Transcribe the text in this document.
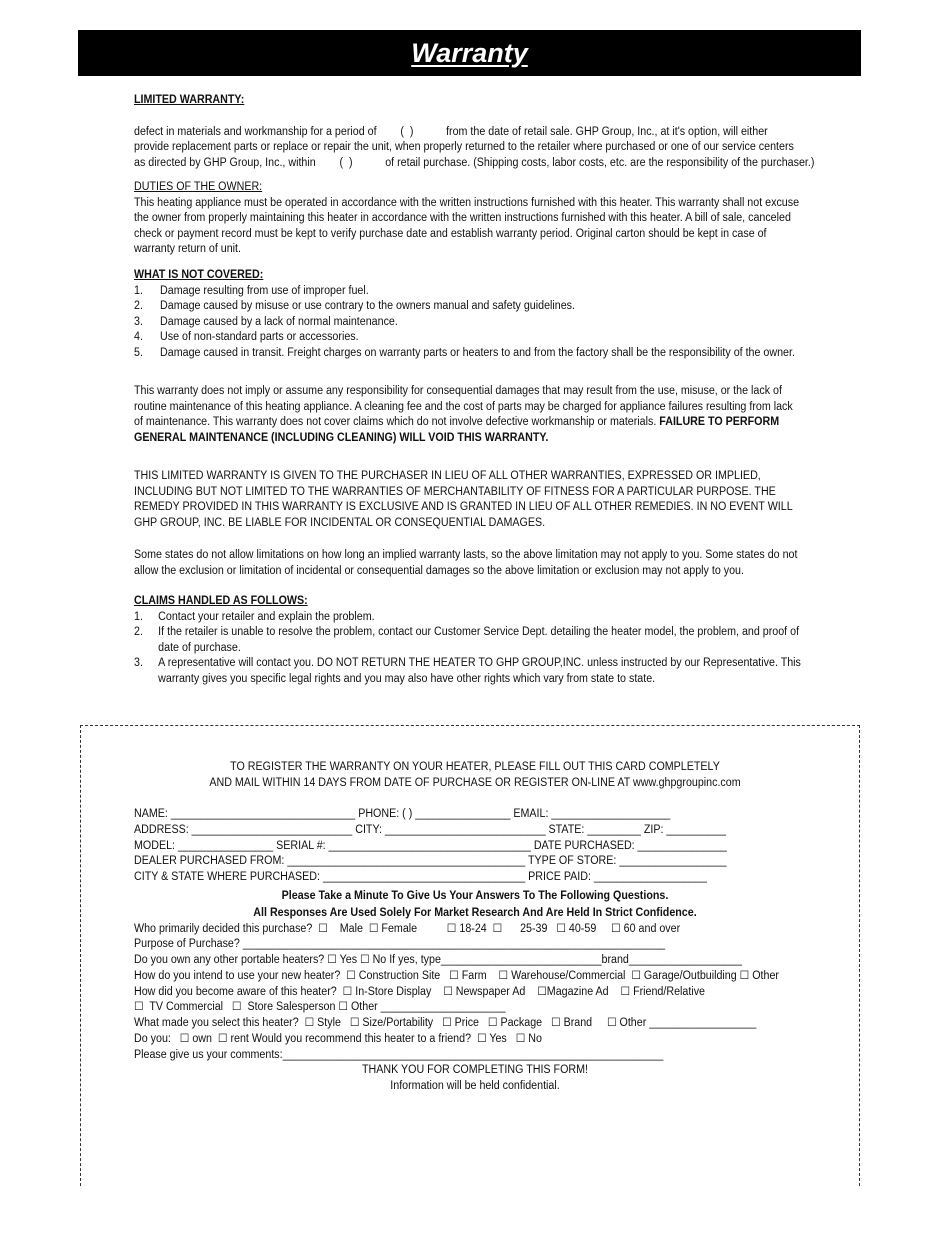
Warranty

LIMITED WARRANTY:

defect in materials and workmanship for a period of        (  )           from the date of retail sale. GHP Group, Inc., at it's option, will either

provide replacement parts or replace or repair the unit, when properly returned to the retailer where purchased or one of our service centers

as directed by GHP Group, Inc., within        (  )           of retail purchase. (Shipping costs, labor costs, etc. are the responsibility of the purchaser.)

DUTIES OF THE OWNER:

This heating appliance must be operated in accordance with the written instructions furnished with this heater. This warranty shall not excuse the owner from properly maintaining this heater in accordance with the written instructions furnished with this heater. A bill of sale, canceled check or payment record must be kept to verify purchase date and establish warranty period. Original carton should be kept in case of warranty return of unit.

WHAT IS NOT COVERED:

1.	Damage resulting from use of improper fuel.
2.	Damage caused by misuse or use contrary to the owners manual and safety guidelines.
3.	Damage caused by a lack of normal maintenance.
4.	Use of non-standard parts or accessories.
5.	Damage caused in transit. Freight charges on warranty parts or heaters to and from the factory shall be the responsibility of the owner.

This warranty does not imply or assume any responsibility for consequential damages that may result from the use, misuse, or the lack of routine maintenance of this heating appliance. A cleaning fee and the cost of parts may be charged for appliance failures resulting from lack of maintenance. This warranty does not cover claims which do not involve defective workmanship or materials. FAILURE TO PERFORM GENERAL MAINTENANCE (INCLUDING CLEANING) WILL VOID THIS WARRANTY.

THIS LIMITED WARRANTY IS GIVEN TO THE PURCHASER IN LIEU OF ALL OTHER WARRANTIES, EXPRESSED OR IMPLIED, INCLUDING BUT NOT LIMITED TO THE WARRANTIES OF MERCHANTABILITY OF FITNESS FOR A PARTICULAR PURPOSE. THE REMEDY PROVIDED IN THIS WARRANTY IS EXCLUSIVE AND IS GRANTED IN LIEU OF ALL OTHER REMEDIES. IN NO EVENT WILL GHP GROUP, INC. BE LIABLE FOR INCIDENTAL OR CONSEQUENTIAL DAMAGES.

Some states do not allow limitations on how long an implied warranty lasts, so the above limitation may not apply to you. Some states do not allow the exclusion or limitation of incidental or consequential damages so the above limitation or exclusion may not apply to you.

CLAIMS HANDLED AS FOLLOWS:

1.	Contact your retailer and explain the problem.
2.	If the retailer is unable to resolve the problem, contact our Customer Service Dept. detailing the heater model, the problem, and proof of date of purchase.
3.	A representative will contact you. DO NOT RETURN THE HEATER TO GHP GROUP,INC. unless instructed by our Representative. This warranty gives you specific legal rights and you may also have other rights which vary from state to state.
TO REGISTER THE WARRANTY ON YOUR HEATER, PLEASE FILL OUT THIS CARD COMPLETELY
AND MAIL WITHIN 14 DAYS FROM DATE OF PURCHASE OR REGISTER ON-LINE AT www.ghpgroupinc.com
NAME: _______________________________ PHONE: ( ) ________________ EMAIL: ____________________
ADDRESS: ___________________________ CITY: ___________________________ STATE: _________ ZIP: __________
MODEL: ________________ SERIAL #: __________________________________ DATE PURCHASED: _______________
DEALER PURCHASED FROM: ________________________________________ TYPE OF STORE: __________________
CITY & STATE WHERE PURCHASED: __________________________________ PRICE PAID: ___________________
Please Take a Minute To Give Us Your Answers To The Following Questions.
All Responses Are Used Solely For Market Research And Are Held In Strict Confidence.
Who primarily decided this purchase?  ☐    Male  ☐ Female          ☐ 18-24  ☐      25-39   ☐ 40-59     ☐ 60 and over
Purpose of Purchase? _______________________________________________________________________
Do you own any other portable heaters? ☐ Yes ☐ No If yes, type___________________________brand___________________
How do you intend to use your new heater?  ☐ Construction Site   ☐ Farm    ☐ Warehouse/Commercial  ☐ Garage/Outbuilding ☐ Other
How did you become aware of this heater?  ☐ In-Store Display    ☐ Newspaper Ad    ☐Magazine Ad    ☐ Friend/Relative
☐  TV Commercial   ☐  Store Salesperson ☐ Other _____________________
What made you select this heater?  ☐ Style   ☐ Size/Portability   ☐ Price   ☐ Package   ☐ Brand     ☐ Other __________________
Do you:   ☐ own  ☐ rent Would you recommend this heater to a friend?  ☐ Yes   ☐ No
Please give us your comments:________________________________________________________________
THANK YOU FOR COMPLETING THIS FORM!
Information will be held confidential.
